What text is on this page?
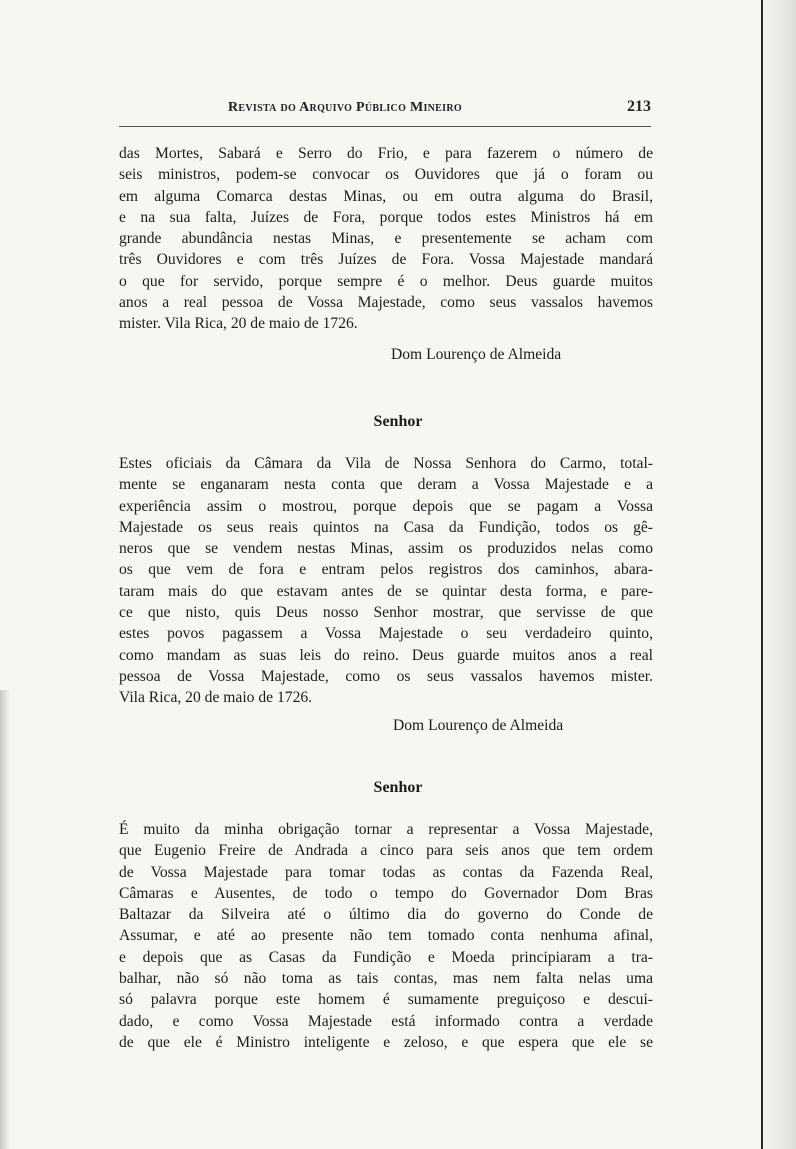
Revista do Arquivo Público Mineiro	213
das Mortes, Sabará e Serro do Frio, e para fazerem o número de
seis ministros, podem-se convocar os Ouvidores que já o foram ou
em alguma Comarca destas Minas, ou em outra alguma do Brasil,
e na sua falta, Juízes de Fora, porque todos estes Ministros há em
grande abundância nestas Minas, e presentemente se acham com
três Ouvidores e com três Juízes de Fora. Vossa Majestade mandará
o que for servido, porque sempre é o melhor. Deus guarde muitos
anos a real pessoa de Vossa Majestade, como seus vassalos havemos
mister. Vila Rica, 20 de maio de 1726.
Dom Lourenço de Almeida
Senhor
Estes oficiais da Câmara da Vila de Nossa Senhora do Carmo, total-
mente se enganaram nesta conta que deram a Vossa Majestade e a
experiência assim o mostrou, porque depois que se pagam a Vossa
Majestade os seus reais quintos na Casa da Fundição, todos os gê-
neros que se vendem nestas Minas, assim os produzidos nelas como
os que vem de fora e entram pelos registros dos caminhos, abara-
taram mais do que estavam antes de se quintar desta forma, e pare-
ce que nisto, quis Deus nosso Senhor mostrar, que servisse de que
estes povos pagassem a Vossa Majestade o seu verdadeiro quinto,
como mandam as suas leis do reino. Deus guarde muitos anos a real
pessoa de Vossa Majestade, como os seus vassalos havemos mister.
Vila Rica, 20 de maio de 1726.
Dom Lourenço de Almeida
Senhor
É muito da minha obrigação tornar a representar a Vossa Majestade,
que Eugenio Freire de Andrada a cinco para seis anos que tem ordem
de Vossa Majestade para tomar todas as contas da Fazenda Real,
Câmaras e Ausentes, de todo o tempo do Governador Dom Bras
Baltazar da Silveira até o último dia do governo do Conde de
Assumar, e até ao presente não tem tomado conta nenhuma afinal,
e depois que as Casas da Fundição e Moeda principiaram a tra-
balhar, não só não toma as tais contas, mas nem falta nelas uma
só palavra porque este homem é sumamente preguiçoso e descui-
dado, e como Vossa Majestade está informado contra a verdade
de que ele é Ministro inteligente e zeloso, e que espera que ele se
